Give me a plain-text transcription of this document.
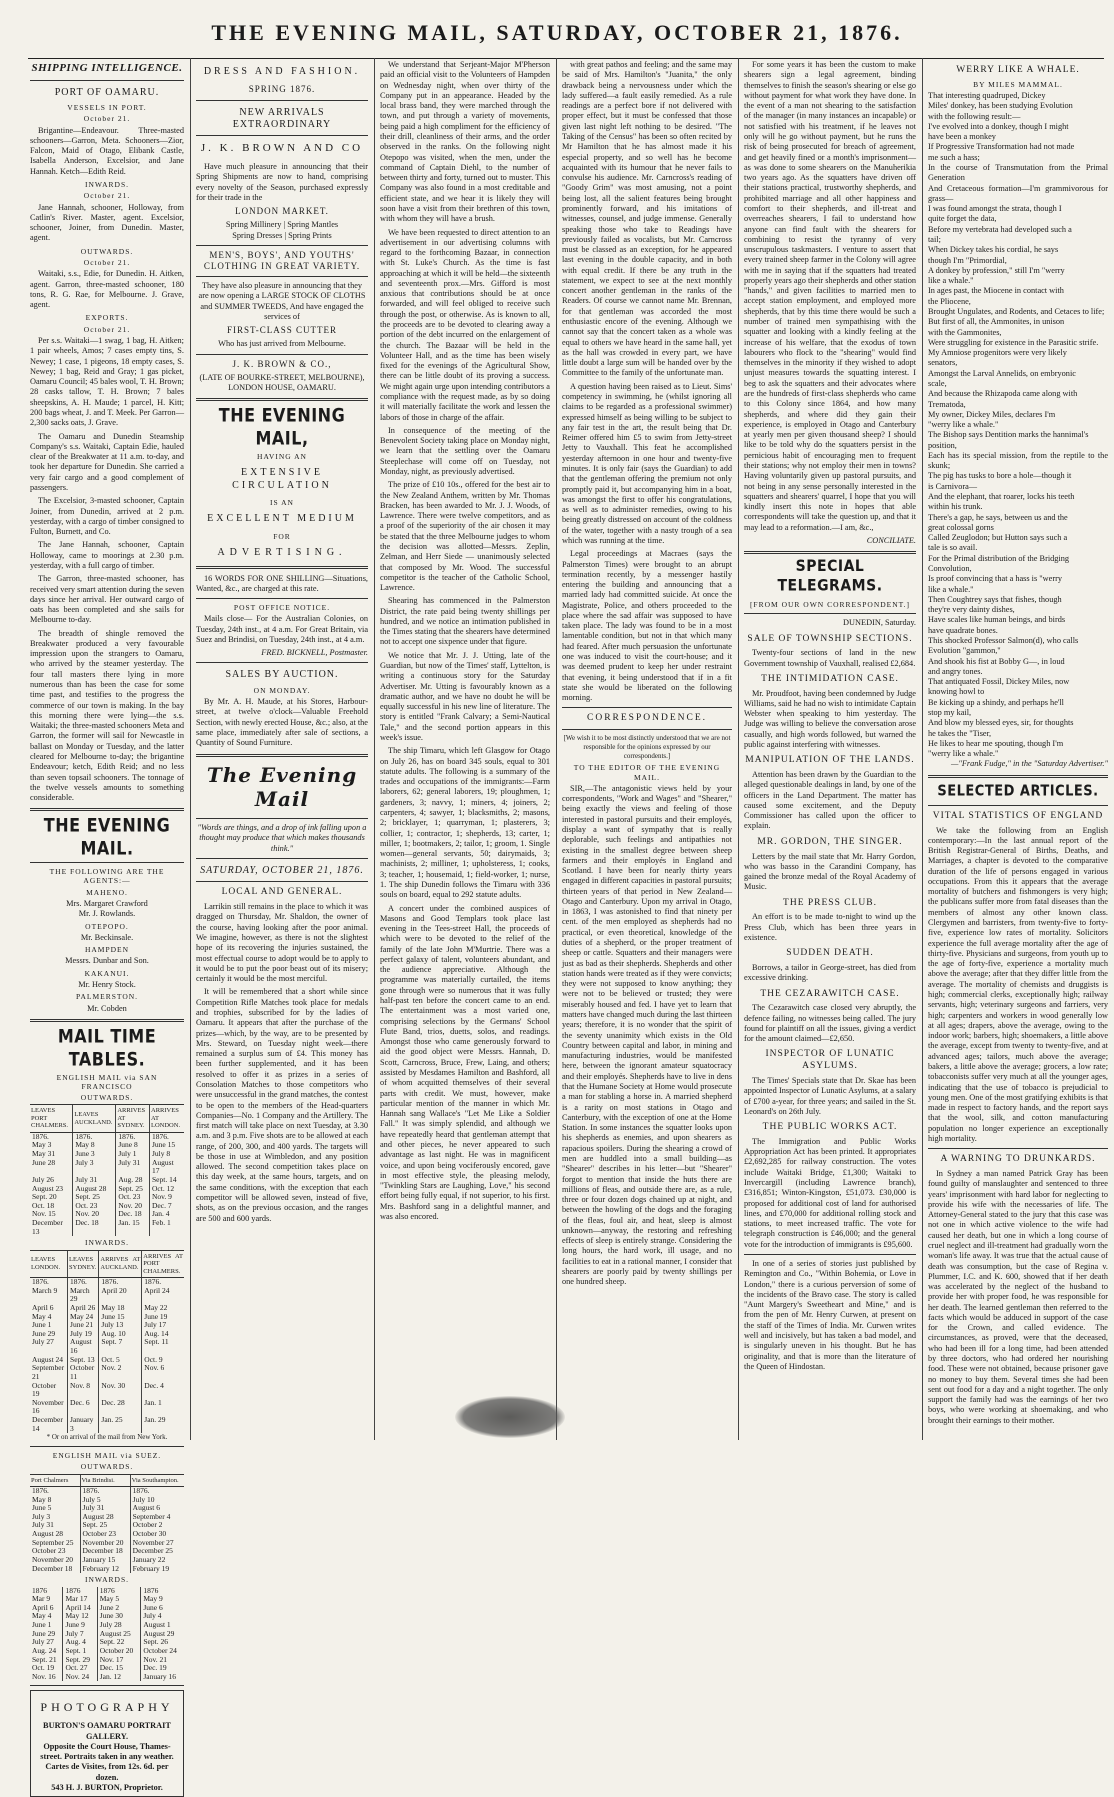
THE EVENING MAIL, SATURDAY, OCTOBER 21, 1876.
SHIPPING INTELLIGENCE.
PORT OF OAMARU.
VESSELS IN PORT.
October 21.

Brigantine—Endeavour. Three-masted schooners—Garron, Meta. Schooners—Zior, Falcon, Maid of Otago, Elibank Castle, Isabella Anderson, Excelsior, and Jane Hannah. Ketch—Edith Reid.

INWARDS.
October 21.

Jane Hannah, schooner, Holloway, from Catlin's River. Master, agent. Excelsior, schooner, Joiner, from Dunedin. Master, agent.

OUTWARDS.
October 21.

Waitaki, s.s., Edie, for Dunedin. H. Aitken, agent. Garron, three-masted schooner, 180 tons, R. G. Rae, for Melbourne. J. Grave, agent.

EXPORTS.
October 21.

Per s.s. Waitaki—1 swag, 1 bag, H. Aitken; 1 pair wheels, Amos; 7 cases empty tins, S. Newey; 1 case, 1 pigeons, 18 empty cases, S. Newey; 1 bag, Reid and Gray; 1 gas picket, Oamaru Council; 45 bales wool, T. H. Brown; 28 casks tallow, T. H. Brown; 7 bales sheepskins, A. H. Maude; 1 parcel, H. Kitt; 200 bags wheat, J. and T. Meek. Per Garron—2,300 sacks oats, J. Grave.

The Oamaru and Dunedin Steamship Company's s.s. Waitaki, Captain Edie, hauled clear of the Breakwater at 11 a.m. to-day, and took her departure for Dunedin. She carried a very fair cargo and a good complement of passengers.

The Excelsior, 3-masted schooner, Captain Joiner, from Dunedin, arrived at 2 p.m. yesterday, with a cargo of timber consigned to Fulton, Burnett, and Co.

The Jane Hannah, schooner, Captain Holloway, came to moorings at 2.30 p.m. yesterday, with a full cargo of timber.

The Garron, three-masted schooner, has received very smart attention during the seven days since her arrival. Her outward cargo of oats has been completed and she sails for Melbourne to-day.

The breadth of shingle removed the Breakwater produced a very favourable impression upon the strangers to Oamaru, who arrived by the steamer yesterday. The four tall masters there lying in more numerous than has been the case for some time past, and testifies to the progress the commerce of our town is making. In the bay this morning there were lying—the s.s. Waitaki; the three-masted schooners Meta and Garron, the former will sail for Newcastle in ballast on Monday or Tuesday, and the latter cleared for Melbourne to-day; the brigantine Endeavour; ketch, Edith Reid; and no less than seven topsail schooners. The tonnage of the twelve vessels amounts to something considerable.

THE EVENING MAIL.
THE FOLLOWING ARE THE AGENTS:—
MAHENO.
Mrs. Margaret Crawford
Mr. J. Rowlands.
OTEPOPO.
Mr. Beckinsale.
HAMPDEN
Messrs. Dunbar and Son.
KAKANUI.
Mr. Henry Stock.
PALMERSTON.
Mr. Cobden
MAIL TIME TABLES.
ENGLISH MAIL via SAN FRANCISCO
OUTWARDS.
LEAVES PORT CHALMERS.	LEAVES AUCKLAND.	ARRIVES AT SYDNEY.	ARRIVES AT LONDON.
1876.	1876.	1876.	1876.
May 3	May 8	June 8	June 15
May 31	June 3	July 1	July 8
June 28	July 3	July 31	August 17
July 26	July 31	Aug. 28	Sept. 14
August 23	August 28	Sept. 25	Oct. 12
Sept. 20	Sept. 25	Oct. 23	Nov. 9
Oct. 18	Oct. 23	Nov. 20	Dec. 7
Nov. 15	Nov. 20	Dec. 18	Jan. 4
December 13	Dec. 18	Jan. 15	Feb. 1
INWARDS.
LEAVES LONDON.	LEAVES SYDNEY.	ARRIVES AT AUCKLAND.	ARRIVES AT PORT CHALMERS.
1876.	1876.	1876.	1876.
March 9	March 29	April 20	April 24
April 6	April 26	May 18	May 22
May 4	May 24	June 15	June 19
June 1	June 21	July 13	July 17
June 29	July 19	Aug. 10	Aug. 14
July 27	August 16	Sept. 7	Sept. 11
August 24	Sept. 13	Oct. 5	Oct. 9
September 21	October 11	Nov. 2	Nov. 6
October 19	Nov. 8	Nov. 30	Dec. 4
November 16	Dec. 6	Dec. 28	Jan. 1
December 14	January 3	Jan. 25	Jan. 29
* Or on arrival of the mail from New York.
ENGLISH MAIL via SUEZ.
OUTWARDS.
Port Chalmers	Via Brindisi.	Via Southampton.
1876.	1876.	1876.
May 8	July 5	July 10
June 5	July 31	August 6
July 3	August 28	September 4
July 31	Sept. 25	October 2
August 28	October 23	October 30
September 25	November 20	November 27
October 23	December 18	December 25
November 20	January 15	January 22
December 18	February 12	February 19
INWARDS.
1876	1876	1876	1876
Mar 9	Mar 17	May 5	May 9
April 6	April 14	June 2	June 6
May 4	May 12	June 30	July 4
June 1	June 9	July 28	August 1
June 29	July 7	August 25	August 29
July 27	Aug. 4	Sept. 22	Sept. 26
Aug. 24	Sept. 1	October 20	October 24
Sept. 21	Sept. 29	Nov. 17	Nov. 21
Oct. 19	Oct. 27	Dec. 15	Dec. 19
Nov. 16	Nov. 24	Jan. 12	January 16
PHOTOGRAPHY
BURTON'S OAMARU PORTRAIT GALLERY.
Opposite the Court House, Thames-street. Portraits taken in any weather. Cartes de Visites, from 12s. 6d. per dozen.
543 H. J. BURTON, Proprietor.
DRESS AND FASHION.
SPRING 1876.
NEW ARRIVALS EXTRAORDINARY
J. K. BROWN AND CO

Have much pleasure in announcing that their Spring Shipments are now to hand, comprising every novelty of the Season, purchased expressly for their trade in the

LONDON MARKET.
Spring Millinery | Spring Mantles
Spring Dresses | Spring Prints
MEN'S, BOYS', AND YOUTHS' CLOTHING IN GREAT VARIETY.

They have also pleasure in announcing that they are now opening a LARGE STOCK OF CLOTHS and SUMMER TWEEDS, And have engaged the services of

FIRST-CLASS CUTTER
Who has just arrived from Melbourne.
J. K. BROWN & CO.,
(LATE OF BOURKE-STREET, MELBOURNE), LONDON HOUSE, OAMARU.
THE EVENING MAIL,
HAVING AN
EXTENSIVE CIRCULATION
IS AN
EXCELLENT MEDIUM
FOR
ADVERTISING.

16 WORDS FOR ONE SHILLING—Situations, Wanted, &c., are charged at this rate.

POST OFFICE NOTICE.

Mails close— For the Australian Colonies, on Tuesday, 24th inst., at 4 a.m. For Great Britain, via Suez and Brindisi, on Tuesday, 24th inst., at 4 a.m.

FRED. BICKNELL, Postmaster.
SALES BY AUCTION.
ON MONDAY.

By Mr. A. H. Maude, at his Stores, Harbour-street, at twelve o'clock—Valuable Freehold Section, with newly erected House, &c.; also, at the same place, immediately after sale of sections, a Quantity of Sound Furniture.

The Evening Mail

"Words are things, and a drop of ink falling upon a thought may produce that which makes thousands think."

SATURDAY, OCTOBER 21, 1876.
LOCAL AND GENERAL.

Larrikin still remains in the place to which it was dragged on Thursday, Mr. Shaldon, the owner of the course, having looking after the poor animal. We imagine, however, as there is not the slightest hope of its recovering the injuries sustained, the most effectual course to adopt would be to apply to it would be to put the poor beast out of its misery; certainly it would be the most merciful.

It will be remembered that a short while since Competition Rifle Matches took place for medals and trophies, subscribed for by the ladies of Oamaru. It appears that after the purchase of the prizes—which, by the way, are to be presented by Mrs. Steward, on Tuesday night week—there remained a surplus sum of £4. This money has been further supplemented, and it has been resolved to offer it as prizes in a series of Consolation Matches to those competitors who were unsuccessful in the grand matches, the contest to be open to the members of the Head-quarters Companies—No. 1 Company and the Artillery. The first match will take place on next Tuesday, at 3.30 a.m. and 3 p.m. Five shots are to be allowed at each range, of 200, 300, and 400 yards. The targets will be those in use at Wimbledon, and any position allowed. The second competition takes place on this day week, at the same hours, targets, and on the same conditions, with the exception that each competitor will be allowed seven, instead of five, shots, as on the previous occasion, and the ranges are 500 and 600 yards.

We understand that Serjeant-Major M'Pherson paid an official visit to the Volunteers of Hampden on Wednesday night, when over thirty of the Company put in an appearance. Headed by the local brass band, they were marched through the town, and put through a variety of movements, being paid a high compliment for the efficiency of their drill, cleanliness of their arms, and the order observed in the ranks. On the following night Otepopo was visited, when the men, under the command of Captain Diehl, to the number of between thirty and forty, turned out to muster. This Company was also found in a most creditable and efficient state, and we hear it is likely they will soon have a visit from their brethren of this town, with whom they will have a brush.

We have been requested to direct attention to an advertisement in our advertising columns with regard to the forthcoming Bazaar, in connection with St. Luke's Church. As the time is fast approaching at which it will be held—the sixteenth and seventeenth prox.—Mrs. Gifford is most anxious that contributions should be at once forwarded, and will feel obliged to receive such through the post, or otherwise. As is known to all, the proceeds are to be devoted to clearing away a portion of the debt incurred on the enlargement of the church. The Bazaar will be held in the Volunteer Hall, and as the time has been wisely fixed for the evenings of the Agricultural Show, there can be little doubt of its proving a success. We might again urge upon intending contributors a compliance with the request made, as by so doing it will materially facilitate the work and lessen the labors of those in charge of the affair.

In consequence of the meeting of the Benevolent Society taking place on Monday night, we learn that the settling over the Oamaru Steeplechase will come off on Tuesday, not Monday, night, as previously advertised.

The prize of £10 10s., offered for the best air to the New Zealand Anthem, written by Mr. Thomas Bracken, has been awarded to Mr. J. J. Woods, of Lawrence. There were twelve competitors, and as a proof of the superiority of the air chosen it may be stated that the three Melbourne judges to whom the decision was allotted—Messrs. Zeplin, Zelman, and Herr Siede — unanimously selected that composed by Mr. Wood. The successful competitor is the teacher of the Catholic School, Lawrence.

Shearing has commenced in the Palmerston District, the rate paid being twenty shillings per hundred, and we notice an intimation published in the Times stating that the shearers have determined not to accept one sixpence under that figure.

We notice that Mr. J. J. Utting, late of the Guardian, but now of the Times' staff, Lyttelton, is writing a continuous story for the Saturday Advertiser. Mr. Utting is favourably known as a dramatic author, and we have no doubt he will be equally successful in his new line of literature. The story is entitled "Frank Calvary; a Semi-Nautical Tale," and the second portion appears in this week's issue.

The ship Timaru, which left Glasgow for Otago on July 26, has on board 345 souls, equal to 301 statute adults. The following is a summary of the trades and occupations of the immigrants:—Farm laborers, 62; general laborers, 19; ploughmen, 1; gardeners, 3; navvy, 1; miners, 4; joiners, 2; carpenters, 4; sawyer, 1; blacksmiths, 2; masons, 2; bricklayer, 1; quarryman, 1; plasterers, 3; collier, 1; contractor, 1; shepherds, 13; carter, 1; miller, 1; bootmakers, 2; tailor, 1; groom, 1. Single women—general servants, 50; dairymaids, 3; machinists, 2; milliner, 1; upholsteress, 1; cooks, 3; teacher, 1; housemaid, 1; field-worker, 1; nurse, 1. The ship Dunedin follows the Timaru with 336 souls on board, equal to 292 statute adults.

A concert under the combined auspices of Masons and Good Templars took place last evening in the Tees-street Hall, the proceeds of which were to be devoted to the relief of the family of the late John M'Murtrie. There was a perfect galaxy of talent, volunteers abundant, and the audience appreciative. Although the programme was materially curtailed, the items gone through were so numerous that it was fully half-past ten before the concert came to an end. The entertainment was a most varied one, comprising selections by the Germans' School Flute Band, trios, duetts, solos, and readings. Amongst those who came generously forward to aid the good object were Messrs. Hannah, D. Scott, Carncross, Bruce, Frew, Laing, and others; assisted by Mesdames Hamilton and Bashford, all of whom acquitted themselves of their several parts with credit. We must, however, make particular mention of the manner in which Mr. Hannah sang Wallace's "Let Me Like a Soldier Fall." It was simply splendid, and although we have repeatedly heard that gentleman attempt that and other pieces, he never appeared to such advantage as last night. He was in magnificent voice, and upon being vociferously encored, gave in most effective style, the pleasing melody, "Twinkling Stars are Laughing, Love," his second effort being fully equal, if not superior, to his first. Mrs. Bashford sang in a delightful manner, and was also encored.

with great pathos and feeling; and the same may be said of Mrs. Hamilton's "Juanita," the only drawback being a nervousness under which the lady suffered—a fault easily remedied. As a rule readings are a perfect bore if not delivered with proper effect, but it must be confessed that those given last night left nothing to be desired. "The Taking of the Census" has been so often recited by Mr Hamilton that he has almost made it his especial property, and so well has he become acquainted with its humour that he never fails to convulse his audience. Mr. Carncross's reading of "Goody Grim" was most amusing, not a point being lost, all the salient features being brought prominently forward, and his imitations of witnesses, counsel, and judge immense. Generally speaking those who take to Readings have previously failed as vocalists, but Mr. Carncross must be classed as an exception, for he appeared last evening in the double capacity, and in both with equal credit. If there be any truth in the statement, we expect to see at the next monthly concert another gentleman in the ranks of the Readers. Of course we cannot name Mr. Brennan, for that gentleman was accorded the most enthusiastic encore of the evening. Although we cannot say that the concert taken as a whole was equal to others we have heard in the same hall, yet as the hall was crowded in every part, we have little doubt a large sum will be handed over by the Committee to the family of the unfortunate man.

A question having been raised as to Lieut. Sims' competency in swimming, he (whilst ignoring all claims to be regarded as a professional swimmer) expressed himself as being willing to be subject to any fair test in the art, the result being that Dr. Reimer offered him £5 to swim from Jetty-street Jetty to Vauxhall. This feat he accomplished yesterday afternoon in one hour and twenty-five minutes. It is only fair (says the Guardian) to add that the gentleman offering the premium not only promptly paid it, but accompanying him in a boat, was amongst the first to offer his congratulations, as well as to administer remedies, owing to his being greatly distressed on account of the coldness of the water, together with a nasty trough of a sea which was running at the time.

Legal proceedings at Macraes (says the Palmerston Times) were brought to an abrupt termination recently, by a messenger hastily entering the building and announcing that a married lady had committed suicide. At once the Magistrate, Police, and others proceeded to the place where the sad affair was supposed to have taken place. The lady was found to be in a most lamentable condition, but not in that which many had feared. After much persuasion the unfortunate one was induced to visit the court-house; and it was deemed prudent to keep her under restraint that evening, it being understood that if in a fit state she would be liberated on the following morning.

CORRESPONDENCE.

[We wish it to be most distinctly understood that we are not responsible for the opinions expressed by our correspondents.]

TO THE EDITOR OF THE EVENING MAIL.

SIR,—The antagonistic views held by your correspondents, "Work and Wages" and "Shearer," being exactly the views and feeling of those interested in pastoral pursuits and their employés, display a want of sympathy that is really deplorable, such feelings and antipathies not existing in the smallest degree between sheep farmers and their employés in England and Scotland. I have been for nearly thirty years engaged in different capacities in pastoral pursuits; thirteen years of that period in New Zealand—Otago and Canterbury. Upon my arrival in Otago, in 1863, I was astonished to find that ninety per cent. of the men employed as shepherds had no practical, or even theoretical, knowledge of the duties of a shepherd, or the proper treatment of sheep or cattle. Squatters and their managers were just as bad as their shepherds. Shepherds and other station hands were treated as if they were convicts; they were not supposed to know anything; they were not to be believed or trusted; they were miserably housed and fed. I have yet to learn that matters have changed much during the last thirteen years; therefore, it is no wonder that the spirit of the seventy unanimity which exists in the Old Country between capital and labor, in mining and manufacturing industries, would be manifested here, between the ignorant amateur squatocracy and their employés. Shepherds have to live in dens that the Humane Society at Home would prosecute a man for stabling a horse in. A married shepherd is a rarity on most stations in Otago and Canterbury, with the exception of one at the Home Station. In some instances the squatter looks upon his shepherds as enemies, and upon shearers as rapacious spoilers. During the shearing a crowd of men are huddled into a small building—as "Shearer" describes in his letter—but "Shearer" forgot to mention that inside the huts there are millions of fleas, and outside there are, as a rule, three or four dozen dogs chained up at night, and between the howling of the dogs and the foraging of the fleas, foul air, and heat, sleep is almost unknown—anyway, the restoring and refreshing effects of sleep is entirely strange. Considering the long hours, the hard work, ill usage, and no facilities to eat in a rational manner, I consider that shearers are poorly paid by twenty shillings per one hundred sheep.

For some years it has been the custom to make shearers sign a legal agreement, binding themselves to finish the season's shearing or else go without payment for what work they have done. In the event of a man not shearing to the satisfaction of the manager (in many instances an incapable) or not satisfied with his treatment, if he leaves not only will he go without payment, but he runs the risk of being prosecuted for breach of agreement, and get heavily fined or a month's imprisonment—as was done to some shearers on the Manuherikia two years ago. As the squatters have driven off their stations practical, trustworthy shepherds, and prohibited marriage and all other happiness and comfort to their shepherds, and ill-treat and overreaches shearers, I fail to understand how anyone can find fault with the shearers for combining to resist the tyranny of very unscrupulous taskmasters. I venture to assert that every trained sheep farmer in the Colony will agree with me in saying that if the squatters had treated properly years ago their shepherds and other station "hands," and given facilities to married men to accept station employment, and employed more shepherds, that by this time there would be such a number of trained men sympathising with the squatter and looking with a kindly feeling at the increase of his welfare, that the exodus of town labourers who flock to the "shearing" would find themselves in the minority if they wished to adopt unjust measures towards the squatting interest. I beg to ask the squatters and their advocates where are the hundreds of first-class shepherds who came to this Colony since 1864, and how many shepherds, and where did they gain their experience, is employed in Otago and Canterbury at yearly men per given thousand sheep? I should like to be told why do the squatters persist in the pernicious habit of encouraging men to frequent their stations; why not employ their men in towns? Having voluntarily given up pastoral pursuits, and not being in any sense personally interested in the squatters and shearers' quarrel, I hope that you will kindly insert this note in hopes that able correspondents will take the question up, and that it may lead to a reformation.—I am, &c.,

CONCILIATE.
SPECIAL TELEGRAMS.
[FROM OUR OWN CORRESPONDENT.]
DUNEDIN, Saturday.
SALE OF TOWNSHIP SECTIONS.

Twenty-four sections of land in the new Government township of Vauxhall, realised £2,684.

THE INTIMIDATION CASE.

Mr. Proudfoot, having been condemned by Judge Williams, said he had no wish to intimidate Captain Webster when speaking to him yesterday. The Judge was willing to believe the conversation arose casually, and high words followed, but warned the public against interfering with witnesses.

MANIPULATION OF THE LANDS.

Attention has been drawn by the Guardian to the alleged questionable dealings in land, by one of the officers in the Land Department. The matter has caused some excitement, and the Deputy Commissioner has called upon the officer to explain.

MR. GORDON, THE SINGER.

Letters by the mail state that Mr. Harry Gordon, who was basso in the Carandini Company, has gained the bronze medal of the Royal Academy of Music.

THE PRESS CLUB.

An effort is to be made to-night to wind up the Press Club, which has been three years in existence.

SUDDEN DEATH.

Borrows, a tailor in George-street, has died from excessive drinking.

THE CEZARAWITCH CASE.

The Cezarawitch case closed very abruptly, the defence failing, no witnesses being called. The jury found for plaintiff on all the issues, giving a verdict for the amount claimed—£2,650.

INSPECTOR OF LUNATIC ASYLUMS.

The Times' Specials state that Dr. Skae has been appointed Inspector of Lunatic Asylums, at a salary of £700 a-year, for three years; and sailed in the St. Leonard's on 26th July.

THE PUBLIC WORKS ACT.

The Immigration and Public Works Appropriation Act has been printed. It appropriates £2,692,285 for railway construction. The votes include Waitaki Bridge, £1,300; Waitaki to Invercargill (including Lawrence branch), £316,851; Winton-Kingston, £51,073. £30,000 is proposed for additional cost of land for authorised lines, and £70,000 for additional rolling stock and stations, to meet increased traffic. The vote for telegraph construction is £46,000; and the general vote for the introduction of immigrants is £95,600.

In one of a series of stories just published by Remington and Co., "Within Bohemia, or Love in London," there is a curious perversion of some of the incidents of the Bravo case. The story is called "Aunt Margery's Sweetheart and Mine," and is from the pen of Mr. Henry Curwen, at present on the staff of the Times of India. Mr. Curwen writes well and incisively, but has taken a bad model, and is singularly uneven in his thought. But he has originality, and that is more than the literature of the Queen of Hindostan.

WERRY LIKE A WHALE.
BY MILES MAMMAL.
That interesting quadruped, Dickey
Miles' donkey, has been studying Evolution
with the following result:—
I've evolved into a donkey, though I might
have been a monkey
If Progressive Transformation had not made
me such a hass;
In the course of Transmutation from the Primal Generation
And Cretaceous formation—I'm grammivorous for grass—
I was found amongst the strata, though I
quite forget the data,
Before my vertebrata had developed such a
tail;
When Dickey takes his cordial, he says
though I'm "Primordial,
A donkey by profession," still I'm "werry
like a whale."
In ages past, the Miocene in contact with
the Pliocene,
Brought Ungulates, and Rodents, and Cetaces to life;
But first of all, the Ammonites, in unison
with the Gammonites,
Were struggling for existence in the Parasitic strife.
My Amniose progenitors were very likely
senators,
Amongst the Larval Annelids, on embryonic
scale,
And because the Rhizapoda came along with
Trematoda,
My owner, Dickey Miles, declares I'm
"werry like a whale."
The Bishop says Dentition marks the hannimal's
position,
Each has its special mission, from the reptile to the skunk;
The pig has tusks to bore a hole—though it
is Carnivora—
And the elephant, that roarer, locks his teeth
within his trunk.
There's a gap, he says, between us and the
great colossal gorns
Called Zeuglodon; but Hutton says such a
tale is so avail.
For the Primal distribution of the Bridging
Convolution,
Is proof convincing that a hass is "werry
like a whale."
Then Coughtrey says that fishes, though
they're very dainty dishes,
Have scales like human beings, and birds
have quadrate bones.
This shocked Professor Salmon(d), who calls
Evolution "gammon,"
And shook his fist at Bobby G—, in loud
and angry tones.
That antiquated Fossil, Dickey Miles, now
knowing howl to
Be kicking up a shindy, and perhaps he'll
stop my kail,
And blow my blessed eyes, sir, for thoughts
he takes the "Tiser,
He likes to hear me spouting, though I'm
"werry like a whale."
—"Frank Fudge," in the "Saturday Advertiser."
SELECTED ARTICLES.
VITAL STATISTICS OF ENGLAND

We take the following from an English contemporary:—In the last annual report of the British Registrar-General of Births, Deaths, and Marriages, a chapter is devoted to the comparative duration of the life of persons engaged in various occupations. From this it appears that the average mortality of butchers and fishmongers is very high; the publicans suffer more from fatal diseases than the members of almost any other known class. Clergymen and barristers, from twenty-five to forty-five, experience low rates of mortality. Solicitors experience the full average mortality after the age of thirty-five. Physicians and surgeons, from youth up to the age of forty-five, experience a mortality much above the average; after that they differ little from the average. The mortality of chemists and druggists is high; commercial clerks, exceptionally high; railway servants, high; veterinary surgeons and farriers, very high; carpenters and workers in wood generally low at all ages; drapers, above the average, owing to the indoor work; barbers, high; shoemakers, a little above the average, except from twenty to twenty-five, and at advanced ages; tailors, much above the average; bakers, a little above the average; grocers, a low rate; tobacconists suffer very much at all the younger ages, indicating that the use of tobacco is prejudicial to young men. One of the most gratifying exhibits is that made in respect to factory hands, and the report says that the wool, silk, and cotton manufacturing population no longer experience an exceptionally high mortality.

A WARNING TO DRUNKARDS.

In Sydney a man named Patrick Gray has been found guilty of manslaughter and sentenced to three years' imprisonment with hard labor for neglecting to provide his wife with the necessaries of life. The Attorney-General stated to the jury that this case was not one in which active violence to the wife had caused her death, but one in which a long course of cruel neglect and ill-treatment had gradually worn the woman's life away. It was true that the actual cause of death was consumption, but the case of Regina v. Plummer, I.C. and K. 600, showed that if her death was accelerated by the neglect of the husband to provide her with proper food, he was responsible for her death. The learned gentleman then referred to the facts which would be adduced in support of the case for the Crown, and called evidence. The circumstances, as proved, were that the deceased, who had been ill for a long time, had been attended by three doctors, who had ordered her nourishing food. These were not obtained, because prisoner gave no money to buy them. Several times she had been sent out food for a day and a night together. The only support the family had was the earnings of her two boys, who were working at shoemaking, and who brought their earnings to their mother.
